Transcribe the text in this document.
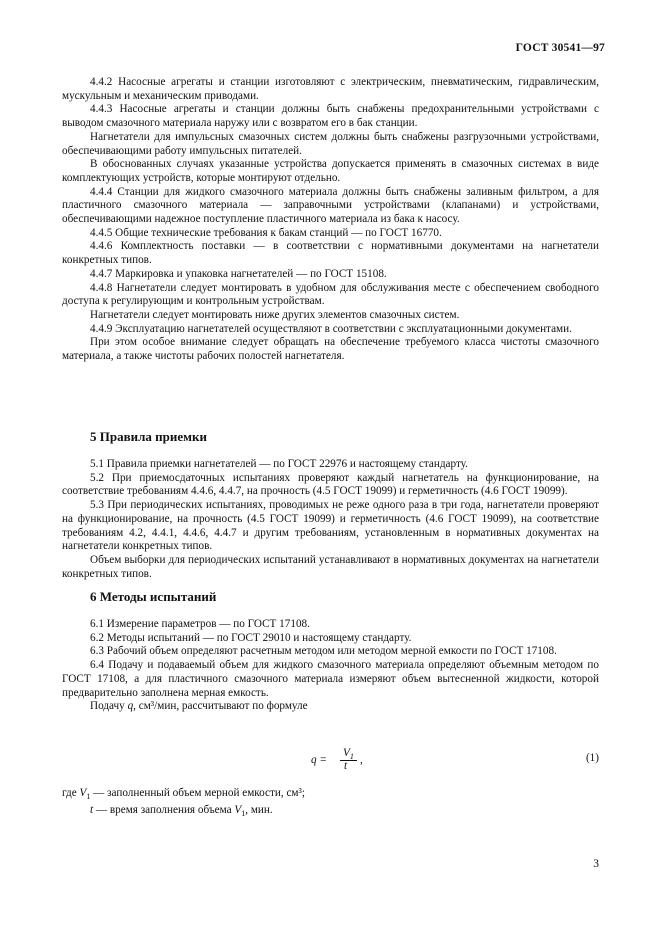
ГОСТ 30541—97

4.4.2 Насосные агрегаты и станции изготовляют с электрическим, пневматическим, гидравлическим, мускульным и механическим приводами.

4.4.3 Насосные агрегаты и станции должны быть снабжены предохранительными устройствами с выводом смазочного материала наружу или с возвратом его в бак станции.

Нагнетатели для импульсных смазочных систем должны быть снабжены разгрузочными устройствами, обеспечивающими работу импульсных питателей.

В обоснованных случаях указанные устройства допускается применять в смазочных системах в виде комплектующих устройств, которые монтируют отдельно.

4.4.4 Станции для жидкого смазочного материала должны быть снабжены заливным фильтром, а для пластичного смазочного материала — заправочными устройствами (клапанами) и устройствами, обеспечивающими надежное поступление пластичного материала из бака к насосу.

4.4.5 Общие технические требования к бакам станций — по ГОСТ 16770.

4.4.6 Комплектность поставки — в соответствии с нормативными документами на нагнетатели конкретных типов.

4.4.7 Маркировка и упаковка нагнетателей — по ГОСТ 15108.

4.4.8 Нагнетатели следует монтировать в удобном для обслуживания месте с обеспечением свободного доступа к регулирующим и контрольным устройствам.

Нагнетатели следует монтировать ниже других элементов смазочных систем.

4.4.9 Эксплуатацию нагнетателей осуществляют в соответствии с эксплуатационными документами.

При этом особое внимание следует обращать на обеспечение требуемого класса чистоты смазочного материала, а также чистоты рабочих полостей нагнетателя.

5 Правила приемки

5.1 Правила приемки нагнетателей — по ГОСТ 22976 и настоящему стандарту.

5.2 При приемосдаточных испытаниях проверяют каждый нагнетатель на функционирование, на соответствие требованиям 4.4.6, 4.4.7, на прочность (4.5 ГОСТ 19099) и герметичность (4.6 ГОСТ 19099).

5.3 При периодических испытаниях, проводимых не реже одного раза в три года, нагнетатели проверяют на функционирование, на прочность (4.5 ГОСТ 19099) и герметичность (4.6 ГОСТ 19099), на соответствие требованиям 4.2, 4.4.1, 4.4.6, 4.4.7 и другим требованиям, установленным в нормативных документах на нагнетатели конкретных типов.

Объем выборки для периодических испытаний устанавливают в нормативных документах на нагнетатели конкретных типов.

6 Методы испытаний

6.1 Измерение параметров — по ГОСТ 17108.

6.2 Методы испытаний — по ГОСТ 29010 и настоящему стандарту.

6.3 Рабочий объем определяют расчетным методом или методом мерной емкости по ГОСТ 17108.

6.4 Подачу и подаваемый объем для жидкого смазочного материала определяют объемным методом по ГОСТ 17108, а для пластичного смазочного материала измеряют объем вытесненной жидкости, которой предварительно заполнена мерная емкость.

Подачу q, см³/мин, рассчитывают по формуле

q =
$V_1$
t ,	(1)

где $V_1$ — заполненный объем мерной емкости, см³;

t — время заполнения объема $V_1$, мин.

3
